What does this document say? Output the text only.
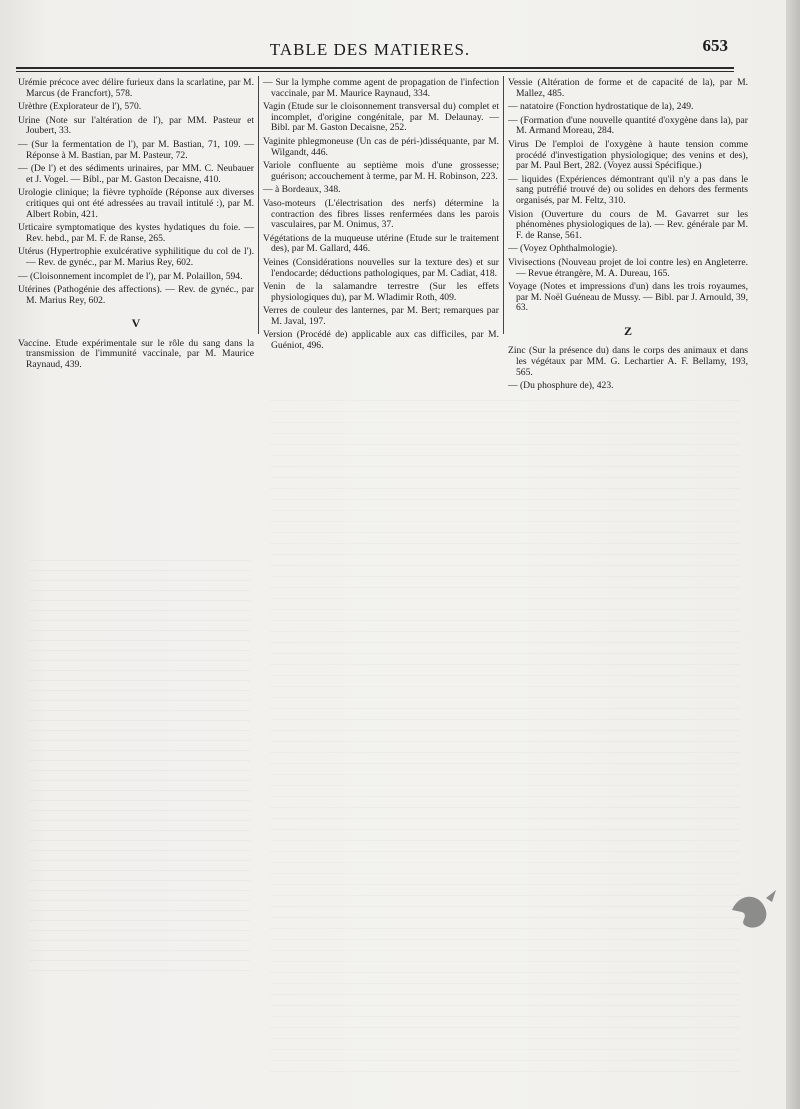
TABLE DES MATIERES.	653
Urémie précoce avec délire furieux dans la scarlatine, par M. Marcus (de Francfort), 578.
Urèthre (Explorateur de l'), 570.
Urine (Note sur l'altération de l'), par MM. Pasteur et Joubert, 33.
— (Sur la fermentation de l'), par M. Bastian, 71, 109. — Réponse à M. Bastian, par M. Pasteur, 72.
— (De l') et des sédiments urinaires, par MM. C. Neubauer et J. Vogel. — Bibl., par M. Gaston Decaisne, 410.
Urologie clinique; la fièvre typhoïde (Réponse aux diverses critiques qui ont été adressées au travail intitulé :), par M. Albert Robin, 421.
Urticaire symptomatique des kystes hydatiques du foie. — Rev. hebd., par M. F. de Ranse, 265.
Utérus (Hypertrophie exulcérative syphilitique du col de l'). — Rev. de gynéc., par M. Marius Rey, 602.
— (Cloisonnement incomplet de l'), par M. Polaillon, 594.
Utérines (Pathogénie des affections). — Rev. de gynéc., par M. Marius Rey, 602.
V
Vaccine. Etude expérimentale sur le rôle du sang dans la transmission de l'immunité vaccinale, par M. Maurice Raynaud, 439.
— Sur la lymphe comme agent de propagation de l'infection vaccinale, par M. Maurice Raynaud, 334.
Vagin (Etude sur le cloisonnement transversal du) complet et incomplet, d'origine congénitale, par M. Delaunay. — Bibl. par M. Gaston Decaisne, 252.
Vaginite phlegmoneuse (Un cas de péri-)disséquante, par M. Wilgandt, 446.
Variole confluente au septième mois d'une grossesse; guérison; accouchement à terme, par M. H. Robinson, 223.
— à Bordeaux, 348.
Vaso-moteurs (L'électrisation des nerfs) détermine la contraction des fibres lisses renfermées dans les parois vasculaires, par M. Onimus, 37.
Végétations de la muqueuse utérine (Etude sur le traitement des), par M. Gallard, 446.
Veines (Considérations nouvelles sur la texture des) et sur l'endocarde; déductions pathologiques, par M. Cadiat, 418.
Venin de la salamandre terrestre (Sur les effets physiologiques du), par M. Wladimir Roth, 409.
Verres de couleur des lanternes, par M. Bert; remarques par M. Javal, 197.
Version (Procédé de) applicable aux cas difficiles, par M. Guéniot, 496.
Vessie (Altération de forme et de capacité de la), par M. Mallez, 485.
— natatoire (Fonction hydrostatique de la), 249.
— (Formation d'une nouvelle quantité d'oxygène dans la), par M. Armand Moreau, 284.
Virus De l'emploi de l'oxygène à haute tension comme procédé d'investigation physiologique; des venins et des), par M. Paul Bert, 282. (Voyez aussi Spécifique.)
— liquides (Expériences démontrant qu'il n'y a pas dans le sang putréfié trouvé de) ou solides en dehors des ferments organisés, par M. Feltz, 310.
Vision (Ouverture du cours de M. Gavarret sur les phénomènes physiologiques de la). — Rev. générale par M. F. de Ranse, 561.
— (Voyez Ophthalmologie).
Vivisections (Nouveau projet de loi contre les) en Angleterre. — Revue étrangère, M. A. Dureau, 165.
Voyage (Notes et impressions d'un) dans les trois royaumes, par M. Noël Guéneau de Mussy. — Bibl. par J. Arnould, 39, 63.
Z
Zinc (Sur la présence du) dans le corps des animaux et dans les végétaux par MM. G. Lechartier A. F. Bellamy, 193, 565.
— (Du phosphure de), 423.
